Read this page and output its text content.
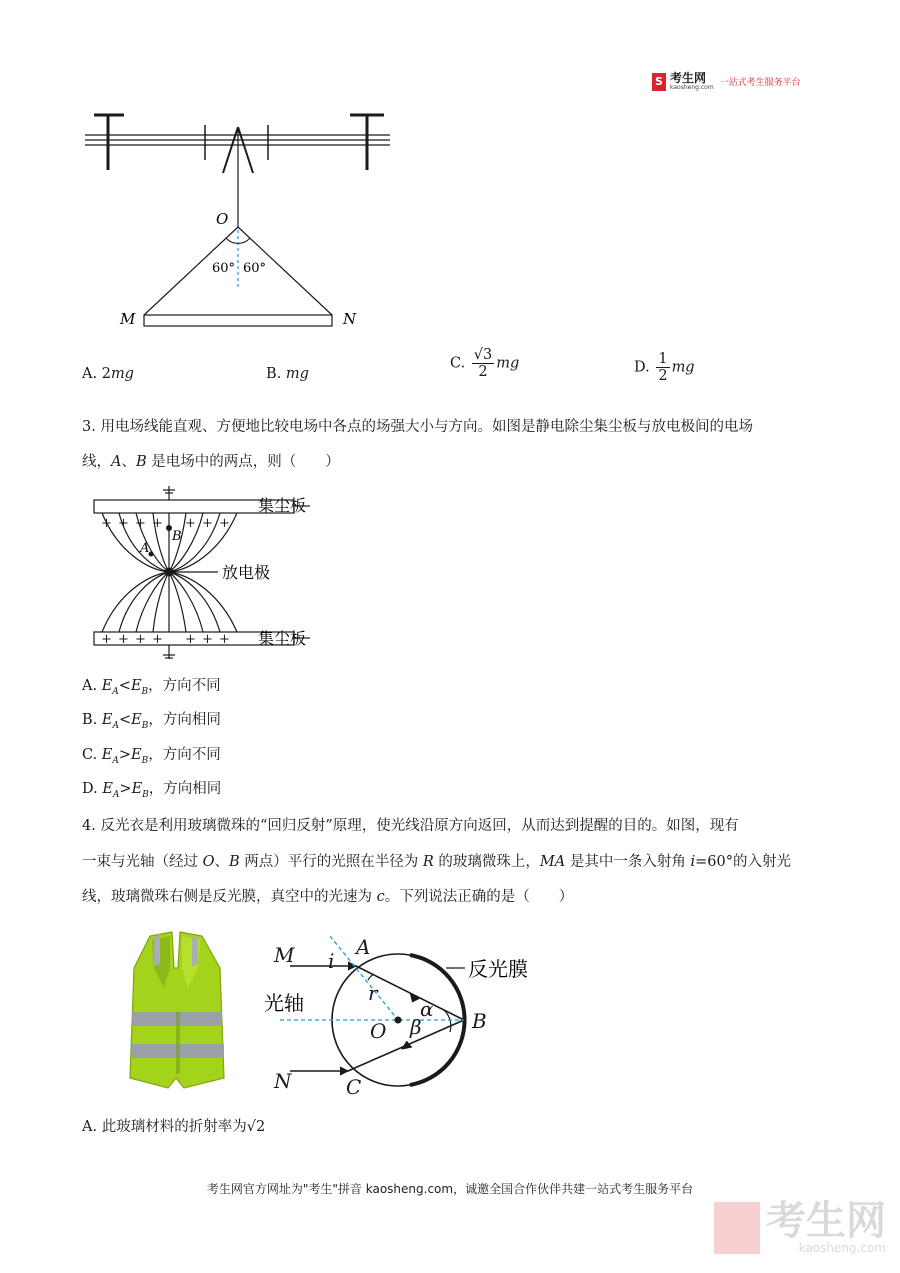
S 考生网
kaosheng.com 一站式考生服务平台
O
60° 60°
M	N
A. 2mg	B. mg
C. $\frac{√3}{2}$ mg	D. $\frac{1}{2}$ mg
3. 用电场线能直观、方便地比较电场中各点的场强大小与方向。如图是静电除尘集尘板与放电极间的电场
线，A、B 是电场中的两点，则（　　）
+ + + + + + +
+ + + + + + +
B
A
集尘板
放电极
集尘板
A. $E_A<E_B$，方向不同
B. $E_A<E_B$，方向相同
C. $E_A>E_B$，方向不同
D. $E_A>E_B$，方向相同
4. 反光衣是利用玻璃微珠的“回归反射”原理，使光线沿原方向返回，从而达到提醒的目的。如图，现有
一束与光轴（经过 O、B 两点）平行的光照在半径为 R 的玻璃微珠上，MA 是其中一条入射角 i=60°的入射光
线，玻璃微珠右侧是反光膜，真空中的光速为 c。下列说法正确的是（　　）
M
N
A
B
C
O
i
r
α
β
光轴
反光膜
A. 此玻璃材料的折射率为√2
考生网官方网址为"考生"拼音 kaosheng.com，诚邀全国合作伙伴共建一站式考生服务平台
考生网
kaosheng.com
